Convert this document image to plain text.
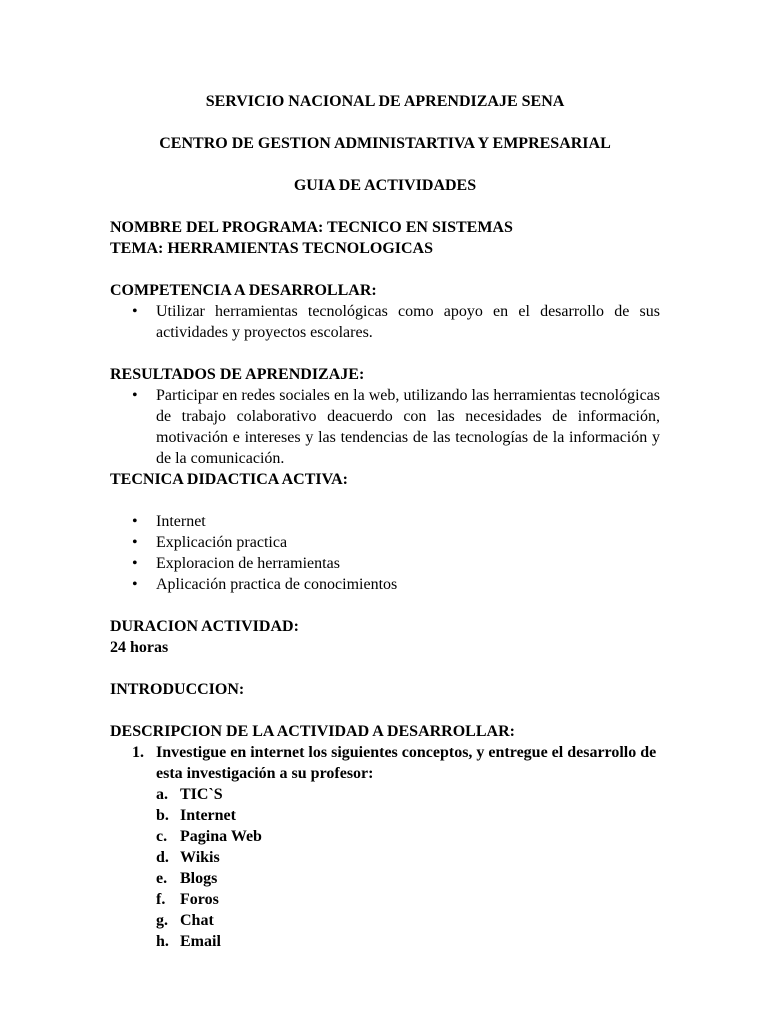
SERVICIO NACIONAL DE APRENDIZAJE SENA
CENTRO DE GESTION ADMINISTARTIVA Y EMPRESARIAL
GUIA DE ACTIVIDADES
NOMBRE DEL PROGRAMA: TECNICO EN SISTEMAS
TEMA: HERRAMIENTAS TECNOLOGICAS
COMPETENCIA A DESARROLLAR:
• Utilizar herramientas tecnológicas como apoyo en el desarrollo de sus actividades y proyectos escolares.
RESULTADOS DE APRENDIZAJE:
• Participar en redes sociales en la web, utilizando las herramientas tecnológicas de trabajo colaborativo deacuerdo con las necesidades de información, motivación e intereses y las tendencias de las tecnologías de la información y de la comunicación.
TECNICA DIDACTICA ACTIVA:
• Internet
• Explicación practica
• Exploracion de herramientas
• Aplicación practica de conocimientos
DURACION ACTIVIDAD:
24 horas
INTRODUCCION:
DESCRIPCION DE LA ACTIVIDAD A DESARROLLAR:
1. Investigue en internet los siguientes conceptos, y entregue el desarrollo de esta investigación a su profesor:
a. TIC`S
b. Internet
c. Pagina Web
d. Wikis
e. Blogs
f. Foros
g. Chat
h. Email
